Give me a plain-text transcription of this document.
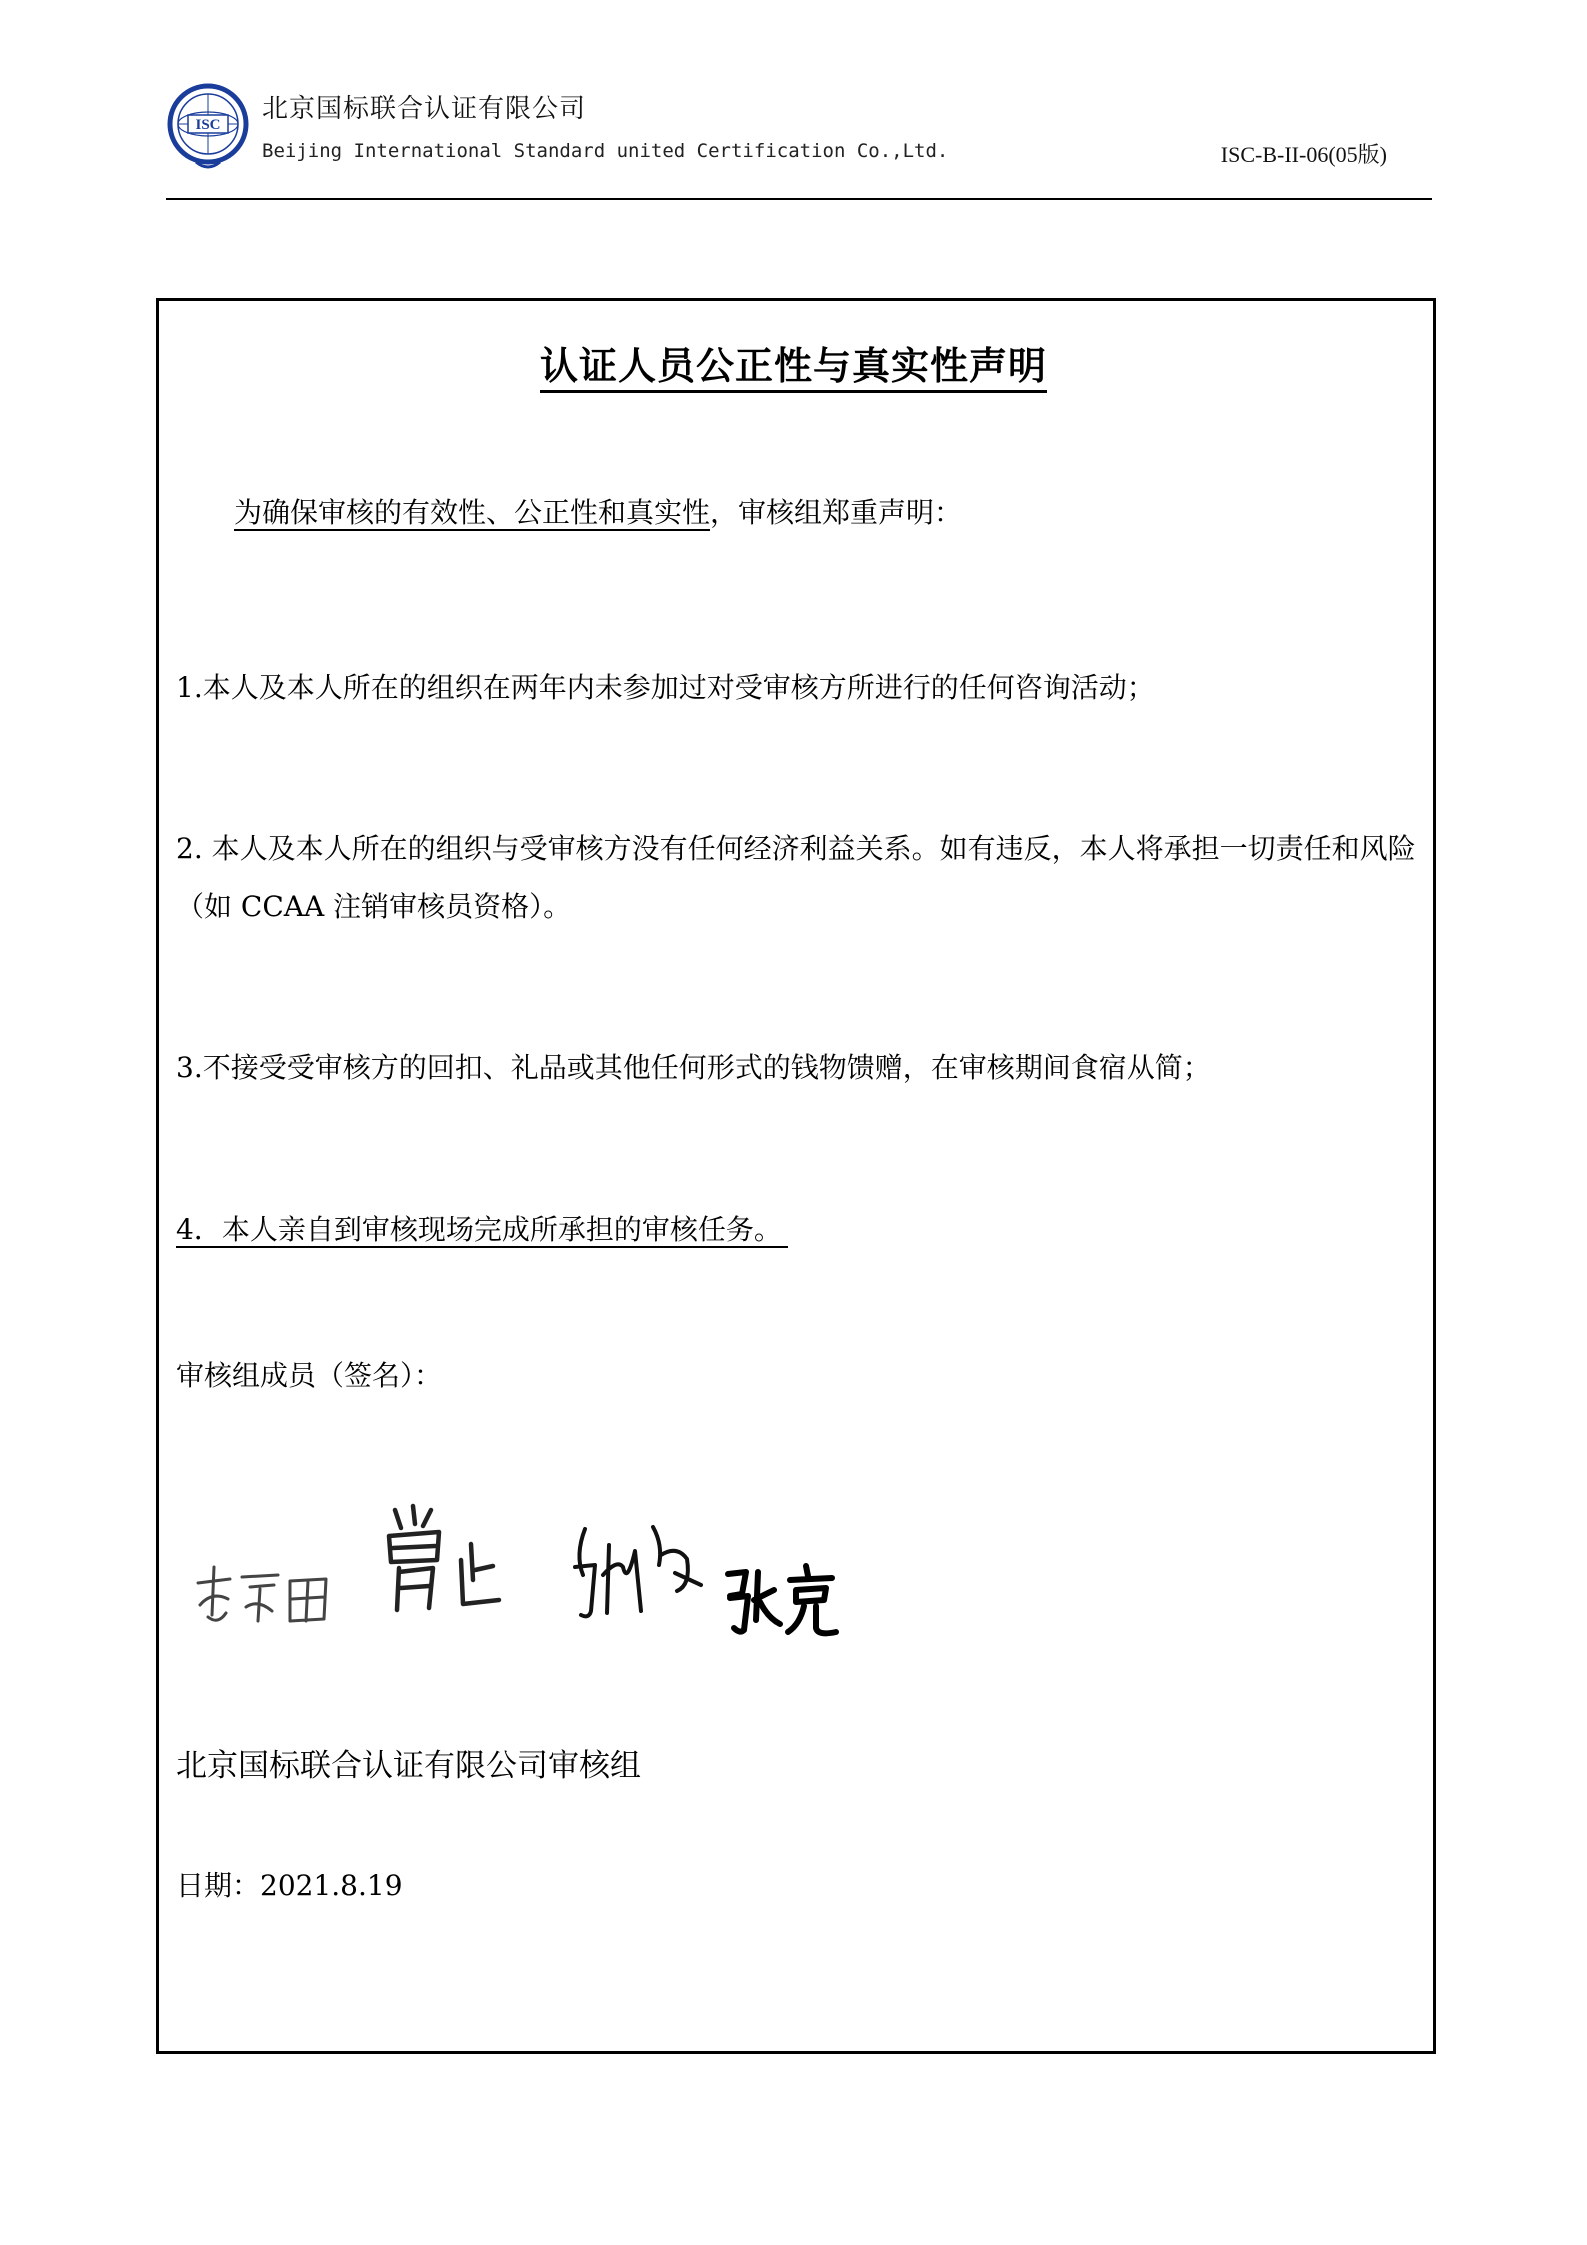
ISC
北京国标联合认证有限公司
Beijing International Standard united Certification Co.,Ltd.	ISC-B-II-06(05版)
认证人员公正性与真实性声明
为确保审核的有效性、公正性和真实性，审核组郑重声明：
1.本人及本人所在的组织在两年内未参加过对受审核方所进行的任何咨询活动；
2. 本人及本人所在的组织与受审核方没有任何经济利益关系。如有违反，本人将承担一切责任和风险（如 CCAA 注销审核员资格）。
3.不接受受审核方的回扣、礼品或其他任何形式的钱物馈赠，在审核期间食宿从简；
4．本人亲自到审核现场完成所承担的审核任务。
审核组成员（签名）：
北京国标联合认证有限公司审核组
日期：2021.8.19
